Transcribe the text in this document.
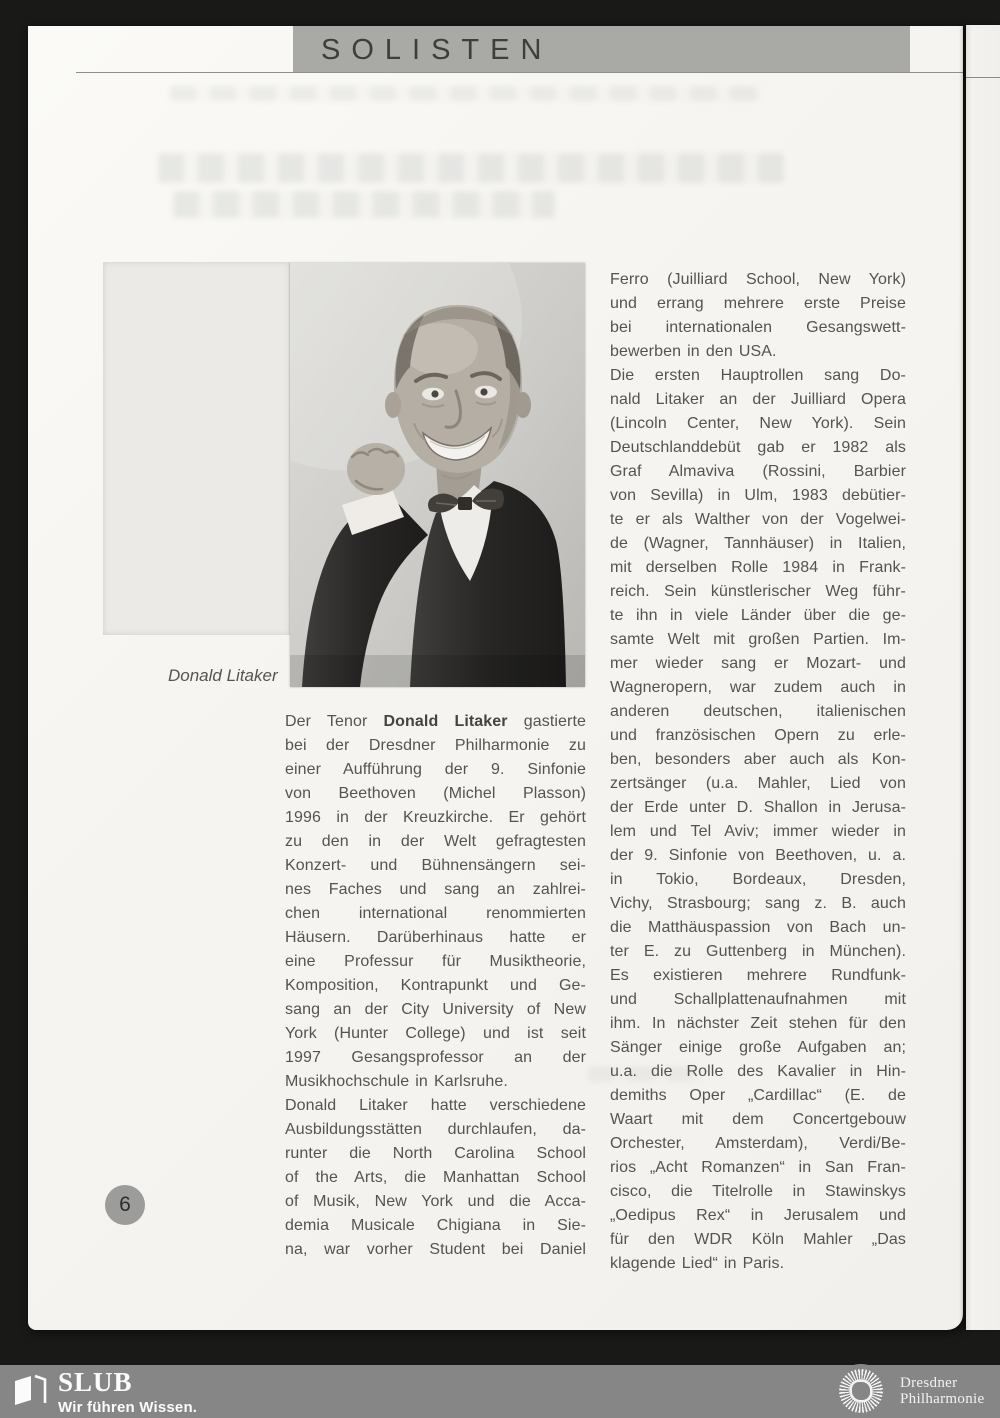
SOLISTEN
Donald Litaker
Der Tenor Donald Litaker gastierte
bei der Dresdner Philharmonie zu
einer Aufführung der 9. Sinfonie
von Beethoven (Michel Plasson)
1996 in der Kreuzkirche. Er gehört
zu den in der Welt gefragtesten
Konzert- und Bühnensängern sei-
nes Faches und sang an zahlrei-
chen international renommierten
Häusern. Darüberhinaus hatte er
eine Professur für Musiktheorie,
Komposition, Kontrapunkt und Ge-
sang an der City University of New
York (Hunter College) und ist seit
1997 Gesangsprofessor an der
Musikhochschule in Karlsruhe.
Donald Litaker hatte verschiedene
Ausbildungsstätten durchlaufen, da-
runter die North Carolina School
of the Arts, die Manhattan School
of Musik, New York und die Acca-
demia Musicale Chigiana in Sie-
na, war vorher Student bei Daniel
Ferro (Juilliard School, New York)
und errang mehrere erste Preise
bei internationalen Gesangswett-
bewerben in den USA.
Die ersten Hauptrollen sang Do-
nald Litaker an der Juilliard Opera
(Lincoln Center, New York). Sein
Deutschlanddebüt gab er 1982 als
Graf Almaviva (Rossini, Barbier
von Sevilla) in Ulm, 1983 debütier-
te er als Walther von der Vogelwei-
de (Wagner, Tannhäuser) in Italien,
mit derselben Rolle 1984 in Frank-
reich. Sein künstlerischer Weg führ-
te ihn in viele Länder über die ge-
samte Welt mit großen Partien. Im-
mer wieder sang er Mozart- und
Wagneropern, war zudem auch in
anderen deutschen, italienischen
und französischen Opern zu erle-
ben, besonders aber auch als Kon-
zertsänger (u.a. Mahler, Lied von
der Erde unter D. Shallon in Jerusa-
lem und Tel Aviv; immer wieder in
der 9. Sinfonie von Beethoven, u. a.
in Tokio, Bordeaux, Dresden,
Vichy, Strasbourg; sang z. B. auch
die Matthäuspassion von Bach un-
ter E. zu Guttenberg in München).
Es existieren mehrere Rundfunk-
und Schallplattenaufnahmen mit
ihm. In nächster Zeit stehen für den
Sänger einige große Aufgaben an;
u.a. die Rolle des Kavalier in Hin-
demiths Oper „Cardillac“ (E. de
Waart mit dem Concertgebouw
Orchester, Amsterdam), Verdi/Be-
rios „Acht Romanzen“ in San Fran-
cisco, die Titelrolle in Stawinskys
„Oedipus Rex“ in Jerusalem und
für den WDR Köln Mahler „Das
klagende Lied“ in Paris.
6
SLUB
Wir führen Wissen.
Dresdner
Philharmonie
